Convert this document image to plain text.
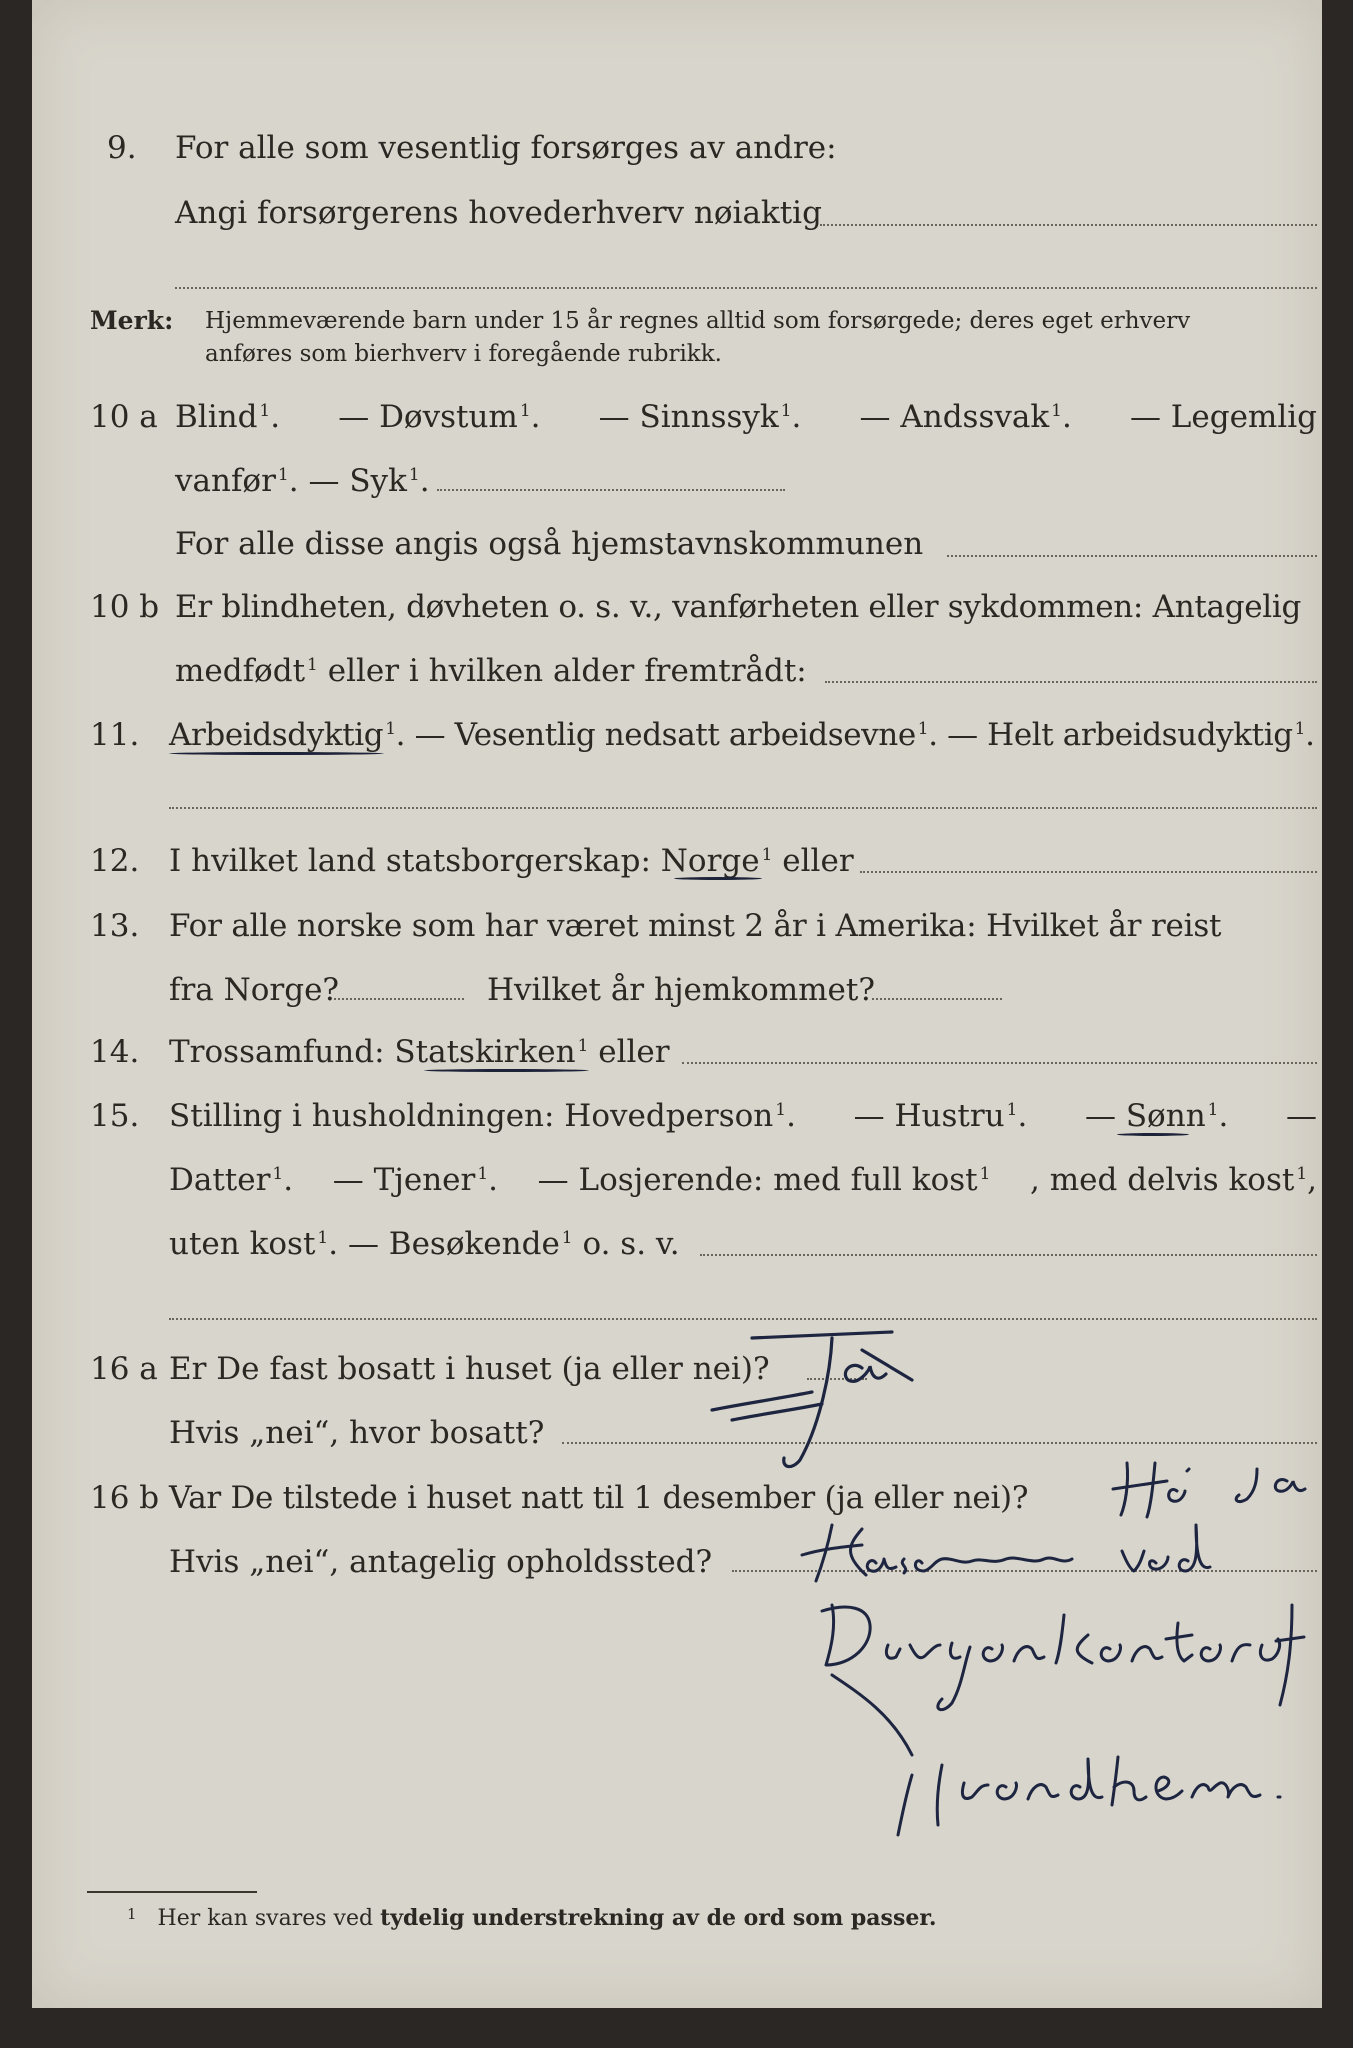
9. For alle som vesentlig forsørges av andre:
Angi forsørgerens hovederhverv nøiaktig
Merk: Hjemmeværende barn under 15 år regnes alltid som forsørgede; deres eget erhverv
anføres som bierhverv i foregående rubrikk.
10 a Blind $^1$. — Døvstum $^1$. — Sinnssyk $^1$. — Andssvak $^1$. — Legemlig
vanfør $^1$. — Syk $^1$.
For alle disse angis også hjemstavnskommunen
10 b Er blindheten, døvheten o. s. v., vanførheten eller sykdommen: Antagelig
medfødt $^1$ eller i hvilken alder fremtrådt:
11. Arbeidsdyktig $^1$. — Vesentlig nedsatt arbeidsevne $^1$. — Helt arbeidsudyktig $^1$.
12. I hvilket land statsborgerskap: Norge $^1$ eller
13. For alle norske som har været minst 2 år i Amerika: Hvilket år reist
fra Norge?	Hvilket år hjemkommet?
14. Trossamfund: Statskirken $^1$ eller
15. Stilling i husholdningen: Hovedperson $^1$. — Hustru $^1$. — Sønn $^1$. —
Datter $^1$. — Tjener $^1$. — Losjerende: med full kost $^1$ , med delvis kost $^1$,
uten kost $^1$. — Besøkende $^1$ o. s. v.
16 a Er De fast bosatt i huset (ja eller nei)?
Hvis „nei“, hvor bosatt?
16 b Var De tilstede i huset natt til 1 desember (ja eller nei)?
Hvis „nei“, antagelig opholdssted?
$^1$ Her kan svares ved tydelig understrekning av de ord som passer.
